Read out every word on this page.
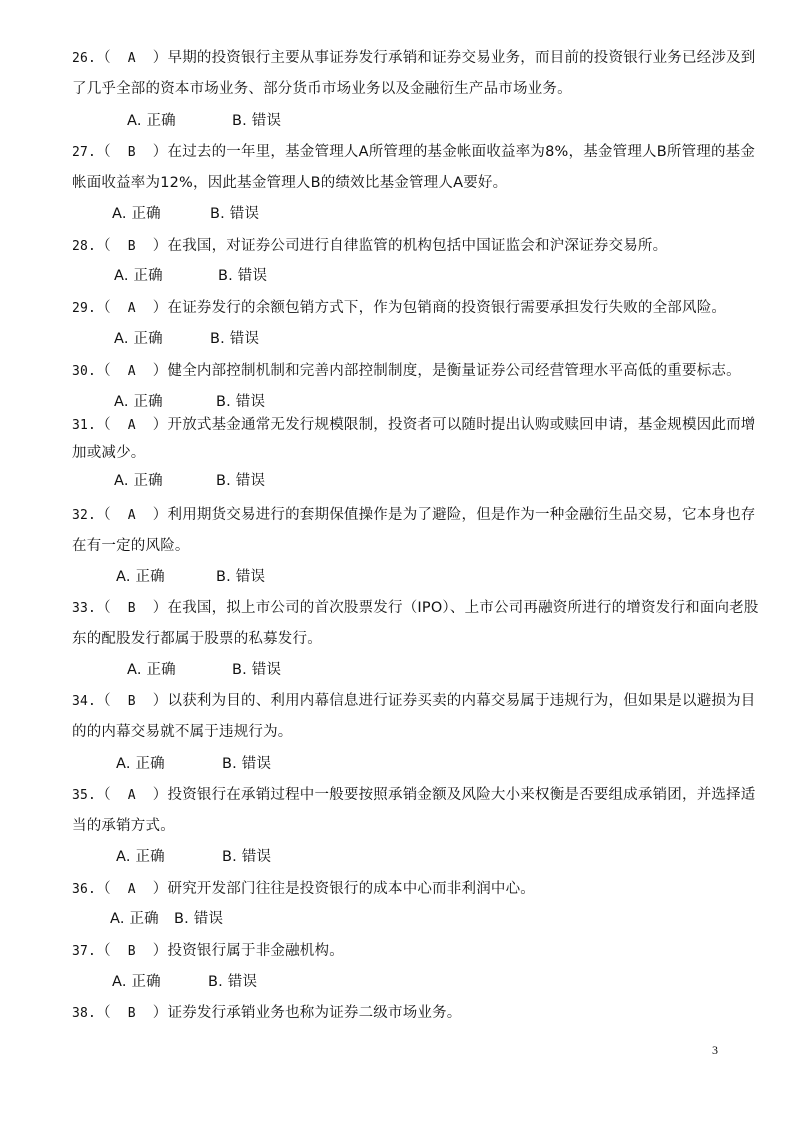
26.（ A ）早期的投资银行主要从事证券发行承销和证券交易业务，而目前的投资银行业务已经涉及到
了几乎全部的资本市场业务、部分货币市场业务以及金融衍生产品市场业务。
A. 正确	B. 错误
27.（ B ）在过去的一年里，基金管理人A所管理的基金帐面收益率为8%，基金管理人B所管理的基金
帐面收益率为12%，因此基金管理人B的绩效比基金管理人A要好。
A. 正确	B. 错误
28.（ B ）在我国，对证券公司进行自律监管的机构包括中国证监会和沪深证券交易所。
A. 正确	B. 错误
29.（ A ）在证券发行的余额包销方式下，作为包销商的投资银行需要承担发行失败的全部风险。
A. 正确	B. 错误
30.（ A ）健全内部控制机制和完善内部控制制度，是衡量证券公司经营管理水平高低的重要标志。
A. 正确	B. 错误
31.（ A ）开放式基金通常无发行规模限制，投资者可以随时提出认购或赎回申请，基金规模因此而增
加或减少。
A. 正确	B. 错误
32.（ A ）利用期货交易进行的套期保值操作是为了避险，但是作为一种金融衍生品交易，它本身也存
在有一定的风险。
A. 正确	B. 错误
33.（ B ）在我国，拟上市公司的首次股票发行（IPO）、上市公司再融资所进行的增资发行和面向老股
东的配股发行都属于股票的私募发行。
A. 正确	B. 错误
34.（ B ）以获利为目的、利用内幕信息进行证券买卖的内幕交易属于违规行为，但如果是以避损为目
的的内幕交易就不属于违规行为。
A. 正确	B. 错误
35.（ A ）投资银行在承销过程中一般要按照承销金额及风险大小来权衡是否要组成承销团，并选择适
当的承销方式。
A. 正确	B. 错误
36.（ A ）研究开发部门往往是投资银行的成本中心而非利润中心。
A. 正确 B. 错误
37.（ B ）投资银行属于非金融机构。
A. 正确	B. 错误
38.（ B ）证券发行承销业务也称为证券二级市场业务。
3
